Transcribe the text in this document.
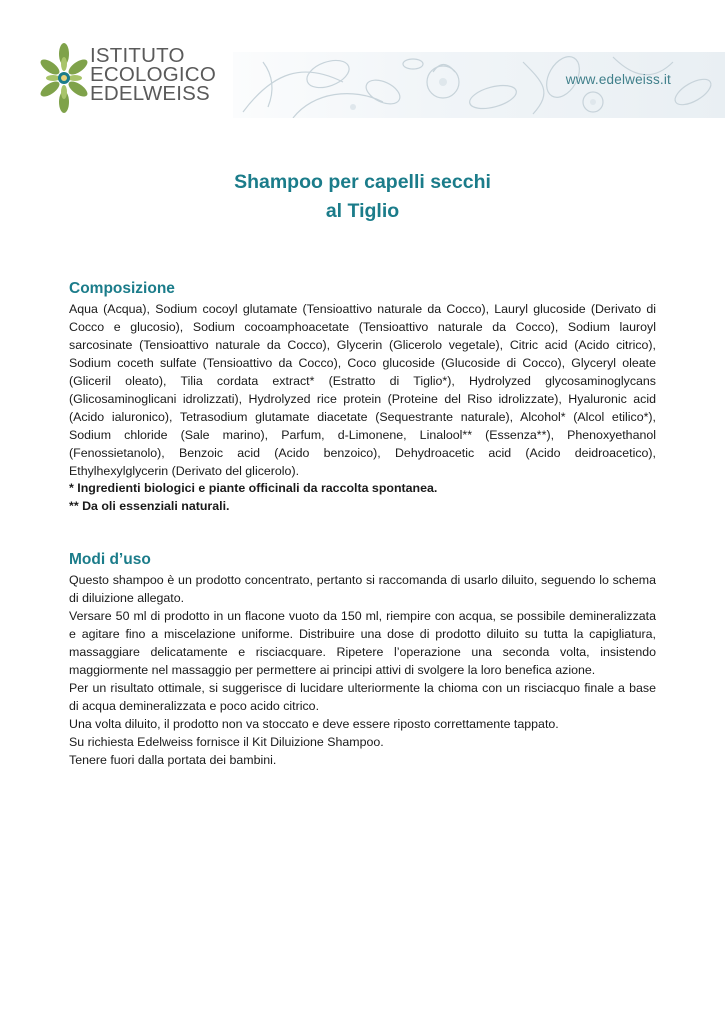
ISTITUTO
ECOLOGICO
EDELWEISS
www.edelweiss.it
Shampoo per capelli secchi
al Tiglio
Composizione

Aqua (Acqua), Sodium cocoyl glutamate (Tensioattivo naturale da Cocco), Lauryl glucoside (Derivato di Cocco e glucosio), Sodium cocoamphoacetate (Tensioattivo naturale da Cocco), Sodium lauroyl sarcosinate (Tensioattivo naturale da Cocco), Glycerin (Glicerolo vegetale), Citric acid (Acido citrico), Sodium coceth sulfate (Tensioattivo da Cocco), Coco glucoside (Glucoside di Cocco), Glyceryl oleate (Gliceril oleato), Tilia cordata extract* (Estratto di Tiglio*), Hydrolyzed glycosaminoglycans (Glicosaminoglicani idrolizzati), Hydrolyzed rice protein (Proteine del Riso idrolizzate), Hyaluronic acid (Acido ialuronico), Tetrasodium glutamate diacetate (Sequestrante naturale), Alcohol* (Alcol etilico*), Sodium chloride (Sale marino), Parfum, d-Limonene, Linalool** (Essenza**), Phenoxyethanol (Fenossietanolo), Benzoic acid (Acido benzoico), Dehydroacetic acid (Acido deidroacetico), Ethylhexylglycerin (Derivato del glicerolo).

* Ingredienti biologici e piante officinali da raccolta spontanea.

** Da oli essenziali naturali.

Modi d’uso

Questo shampoo è un prodotto concentrato, pertanto si raccomanda di usarlo diluito, seguendo lo schema di diluizione allegato.

Versare 50 ml di prodotto in un flacone vuoto da 150 ml, riempire con acqua, se possibile demineralizzata e agitare fino a miscelazione uniforme. Distribuire una dose di prodotto diluito su tutta la capigliatura, massaggiare delicatamente e risciacquare. Ripetere l’operazione una seconda volta, insistendo maggiormente nel massaggio per permettere ai principi attivi di svolgere la loro benefica azione.

Per un risultato ottimale, si suggerisce di lucidare ulteriormente la chioma con un risciacquo finale a base di acqua demineralizzata e poco acido citrico.

Una volta diluito, il prodotto non va stoccato e deve essere riposto correttamente tappato.

Su richiesta Edelweiss fornisce il Kit Diluizione Shampoo.

Tenere fuori dalla portata dei bambini.
